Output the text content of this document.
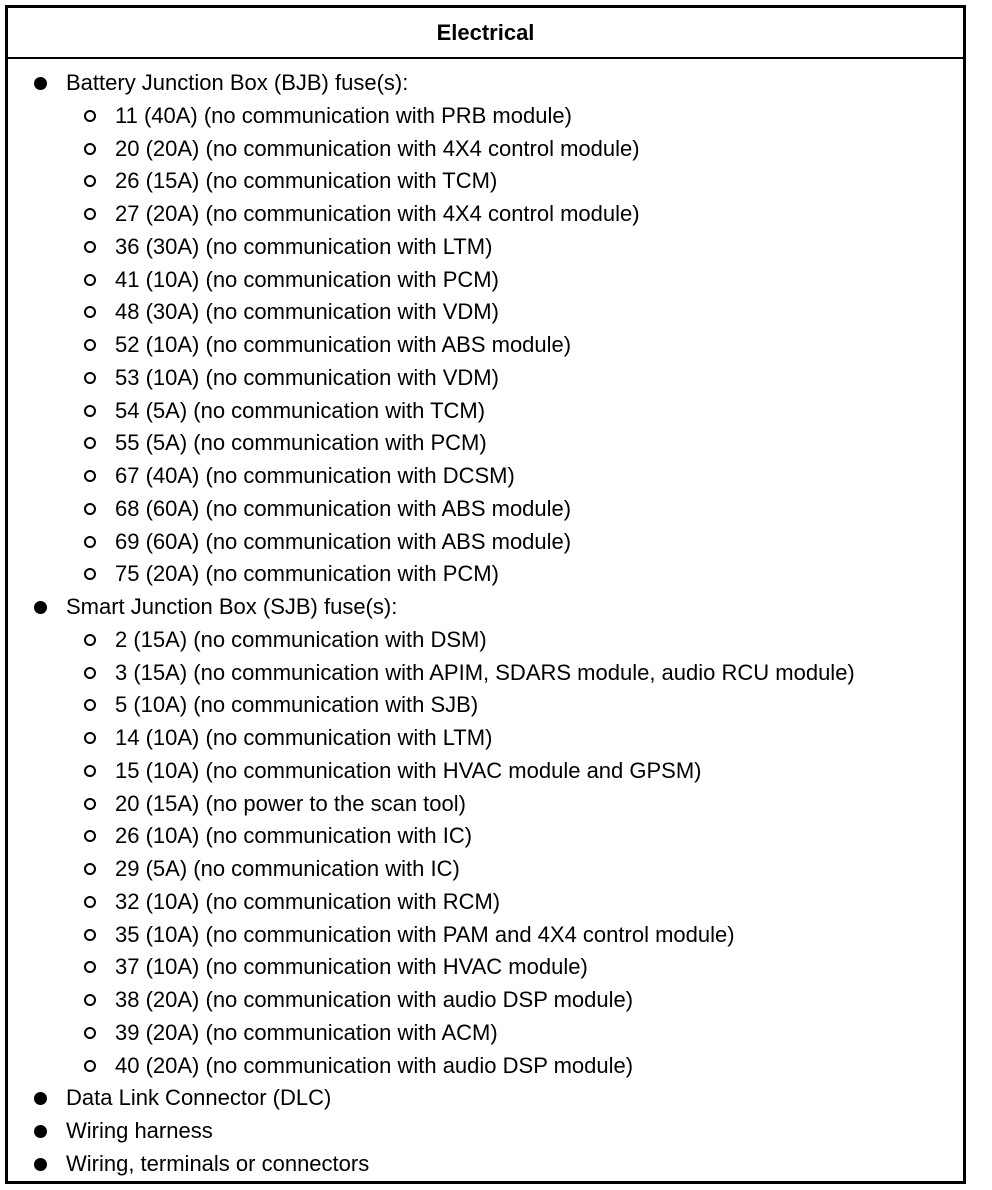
Electrical
Battery Junction Box (BJB) fuse(s):
11 (40A) (no communication with PRB module)
20 (20A) (no communication with 4X4 control module)
26 (15A) (no communication with TCM)
27 (20A) (no communication with 4X4 control module)
36 (30A) (no communication with LTM)
41 (10A) (no communication with PCM)
48 (30A) (no communication with VDM)
52 (10A) (no communication with ABS module)
53 (10A) (no communication with VDM)
54 (5A) (no communication with TCM)
55 (5A) (no communication with PCM)
67 (40A) (no communication with DCSM)
68 (60A) (no communication with ABS module)
69 (60A) (no communication with ABS module)
75 (20A) (no communication with PCM)
Smart Junction Box (SJB) fuse(s):
2 (15A) (no communication with DSM)
3 (15A) (no communication with APIM, SDARS module, audio RCU module)
5 (10A) (no communication with SJB)
14 (10A) (no communication with LTM)
15 (10A) (no communication with HVAC module and GPSM)
20 (15A) (no power to the scan tool)
26 (10A) (no communication with IC)
29 (5A) (no communication with IC)
32 (10A) (no communication with RCM)
35 (10A) (no communication with PAM and 4X4 control module)
37 (10A) (no communication with HVAC module)
38 (20A) (no communication with audio DSP module)
39 (20A) (no communication with ACM)
40 (20A) (no communication with audio DSP module)
Data Link Connector (DLC)
Wiring harness
Wiring, terminals or connectors
